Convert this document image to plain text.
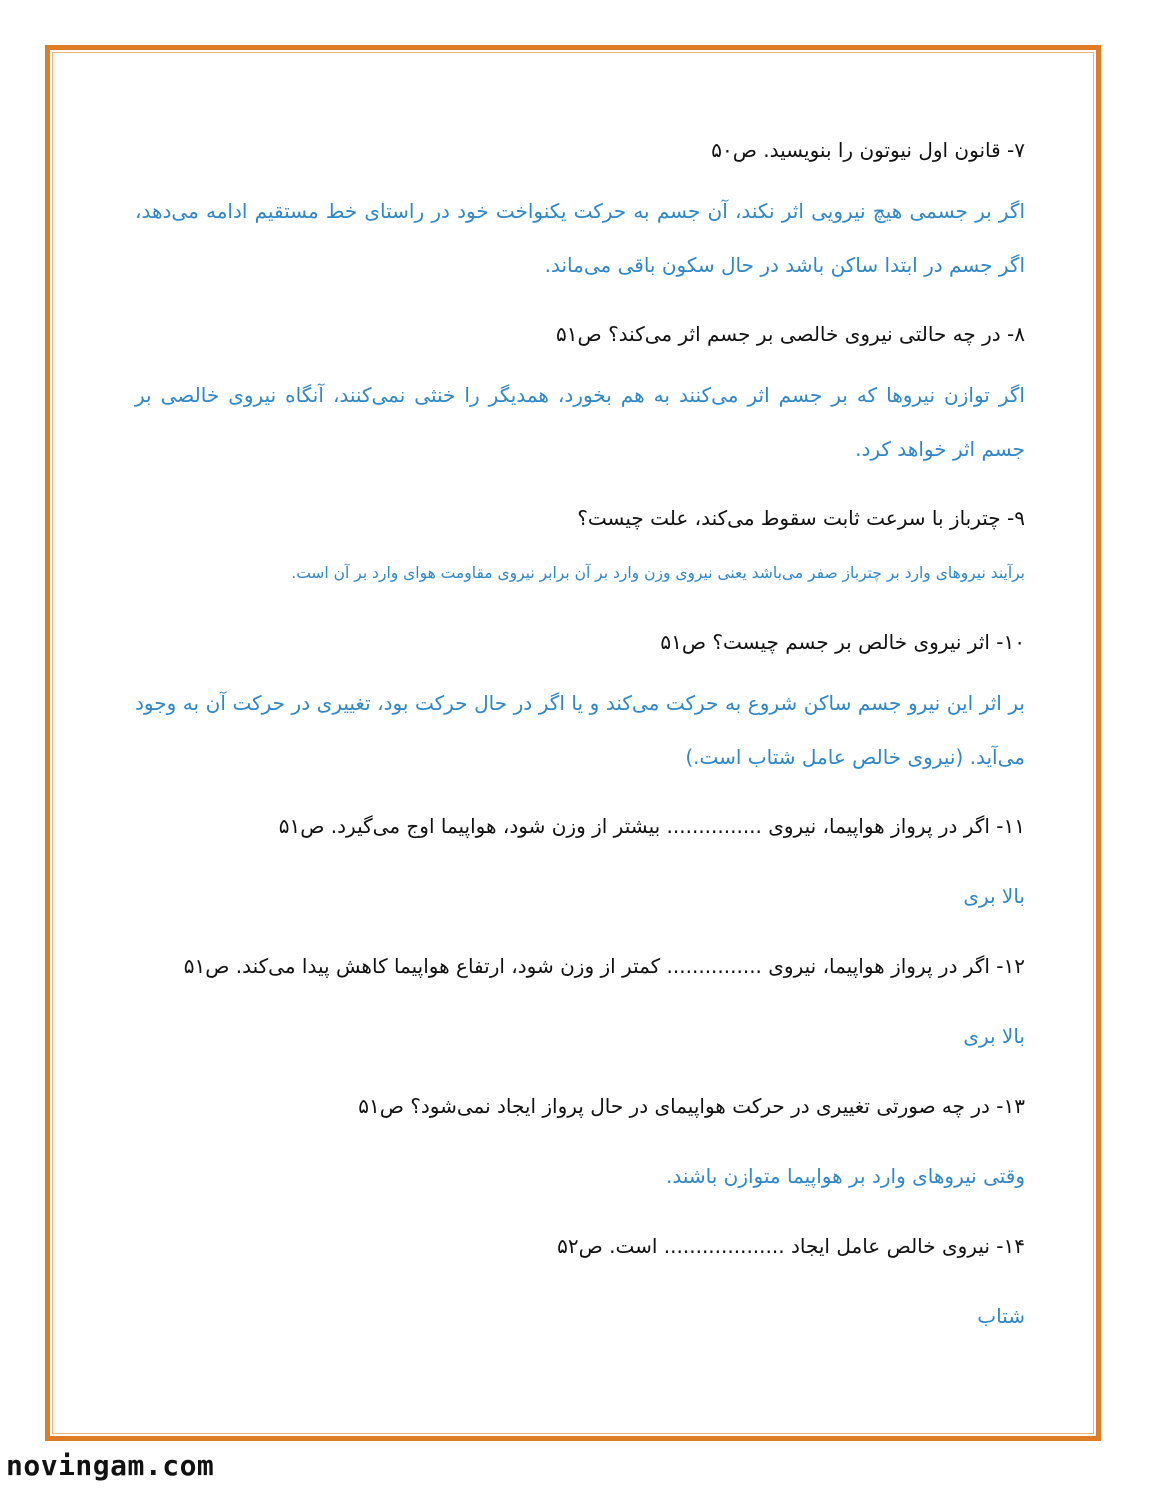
۷- قانون اول نیوتون را بنویسید. ص۵۰

اگر بر جسمی هیچ نیرویی اثر نکند، آن جسم به حرکت یکنواخت خود در راستای خط مستقیم ادامه می‌دهد، اگر جسم در ابتدا ساکن باشد در حال سکون باقی می‌ماند.

۸- در چه حالتی نیروی خالصی بر جسم اثر می‌کند؟ ص۵۱

اگر توازن نیروها که بر جسم اثر می‌کنند به هم بخورد، همدیگر را خنثی نمی‌کنند، آنگاه نیروی خالصی بر جسم اثر خواهد کرد.

۹- چترباز با سرعت ثابت سقوط می‌کند، علت چیست؟

برآیند نیروهای وارد بر چترباز صفر می‌باشد یعنی نیروی وزن وارد بر آن برابر نیروی مقاومت هوای وارد بر آن است.

۱۰- اثر نیروی خالص بر جسم چیست؟ ص۵۱

بر اثر این نیرو جسم ساکن شروع به حرکت می‌کند و یا اگر در حال حرکت بود، تغییری در حرکت آن به وجود می‌آید. (نیروی خالص عامل شتاب است.)

۱۱- اگر در پرواز هواپیما، نیروی ............... بیشتر از وزن شود، هواپیما اوج می‌گیرد. ص۵۱

بالا بری

۱۲- اگر در پرواز هواپیما، نیروی ............... کمتر از وزن شود، ارتفاع هواپیما کاهش پیدا می‌کند. ص۵۱

بالا بری

۱۳- در چه صورتی تغییری در حرکت هواپیمای در حال پرواز ایجاد نمی‌شود؟ ص۵۱

وقتی نیروهای وارد بر هواپیما متوازن باشند.

۱۴- نیروی خالص عامل ایجاد ................... است. ص۵۲

شتاب

novingam.com
